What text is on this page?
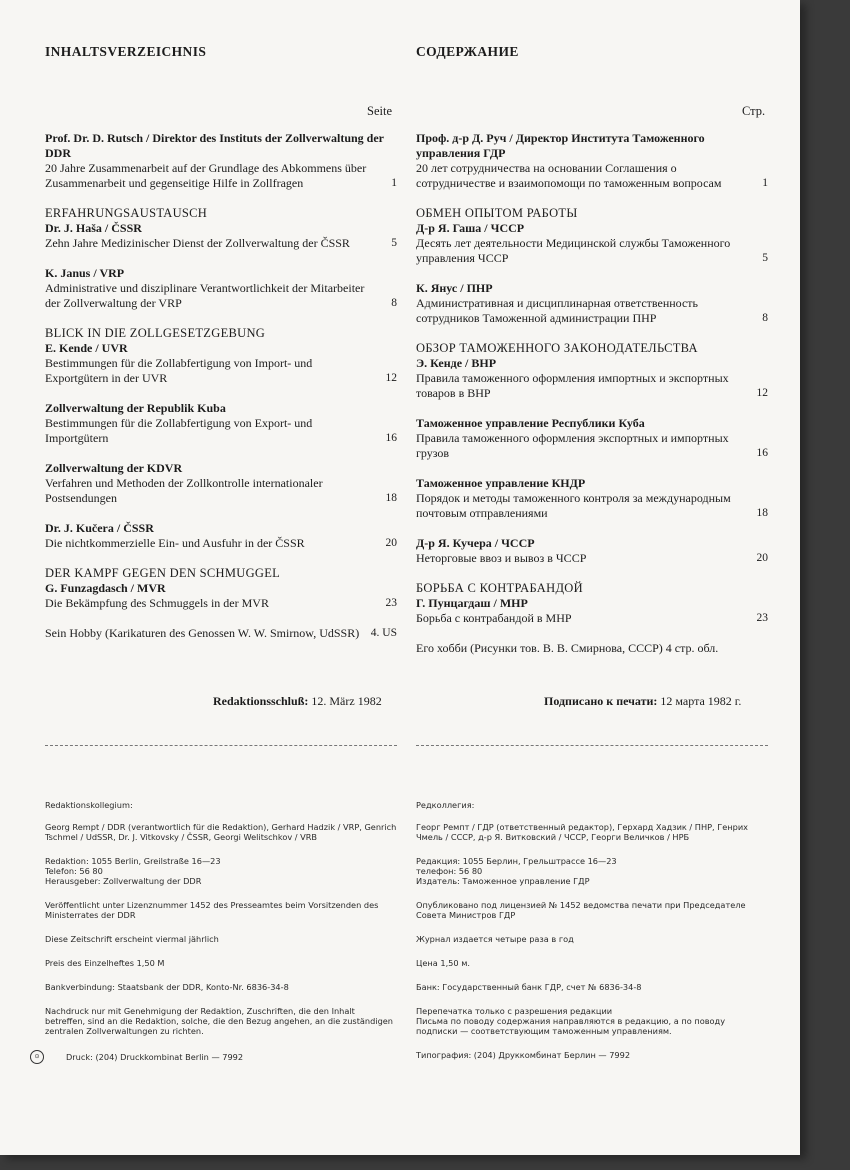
INHALTSVERZEICHNIS
Seite
Prof. Dr. D. Rutsch / Direktor des Instituts der Zollverwaltung der DDR
20 Jahre Zusammenarbeit auf der Grundlage des Abkommens über Zusammenarbeit und gegenseitige Hilfe in Zollfragen	1
ERFAHRUNGSAUSTAUSCH
Dr. J. Haša / ČSSR
Zehn Jahre Medizinischer Dienst der Zollverwaltung der ČSSR	5
K. Janus / VRP
Administrative und disziplinare Verantwortlichkeit der Mitarbeiter der Zollverwaltung der VRP	8
BLICK IN DIE ZOLLGESETZGEBUNG
E. Kende / UVR
Bestimmungen für die Zollabfertigung von Import- und Exportgütern in der UVR	12
Zollverwaltung der Republik Kuba
Bestimmungen für die Zollabfertigung von Export- und Importgütern	16
Zollverwaltung der KDVR
Verfahren und Methoden der Zollkontrolle internationaler Postsendungen	18
Dr. J. Kučera / ČSSR
Die nichtkommerzielle Ein- und Ausfuhr in der ČSSR	20
DER KAMPF GEGEN DEN SCHMUGGEL
G. Funzagdasch / MVR
Die Bekämpfung des Schmuggels in der MVR	23
Sein Hobby (Karikaturen des Genossen W. W. Smirnow, UdSSR)	4. US
Redaktionsschluß: 12. März 1982

Redaktionskollegium:

Georg Rempt / DDR (verantwortlich für die Redaktion), Gerhard Hadzik / VRP, Genrich Tschmel / UdSSR, Dr. J. Vitkovsky / ČSSR, Georgi Welitschkov / VRB

Redaktion: 1055 Berlin, Greilstraße 16—23
Telefon: 56 80
Herausgeber: Zollverwaltung der DDR

Veröffentlicht unter Lizenznummer 1452 des Presseamtes beim Vorsitzenden des Ministerrates der DDR

Diese Zeitschrift erscheint viermal jährlich

Preis des Einzelheftes 1,50 M

Bankverbindung: Staatsbank der DDR, Konto-Nr. 6836-34-8

Nachdruck nur mit Genehmigung der Redaktion, Zuschriften, die den Inhalt betreffen, sind an die Redaktion, solche, die den Bezug angehen, an die zuständigen zentralen Zollverwaltungen zu richten.

⊙	Druck: (204) Druckkombinat Berlin — 7992
СОДЕРЖАНИЕ
Стр.
Проф. д-р Д. Руч / Директор Института Таможенного управления ГДР
20 лет сотрудничества на основании Соглашения о сотрудничестве и взаимопомощи по таможенным вопросам	1
ОБМЕН ОПЫТОМ РАБОТЫ
Д-р Я. Гаша / ЧССР
Десять лет деятельности Медицинской службы Таможенного управления ЧССР	5
К. Янус / ПНР
Административная и дисциплинарная ответственность сотрудников Таможенной администрации ПНР	8
ОБЗОР ТАМОЖЕННОГО ЗАКОНОДАТЕЛЬСТВА
Э. Кенде / ВНР
Правила таможенного оформления импортных и экспортных товаров в ВНР	12
Таможенное управление Республики Куба
Правила таможенного оформления экспортных и импортных грузов	16
Таможенное управление КНДР
Порядок и методы таможенного контроля за международным почтовым отправлениями	18
Д-р Я. Кучера / ЧССР
Неторговые ввоз и вывоз в ЧССР	20
БОРЬБА С КОНТРАБАНДОЙ
Г. Пунцагдаш / МНР
Борьба с контрабандой в МНР	23
Его хобби (Рисунки тов. В. В. Смирнова, СССР) 4 стр. обл.
Подписано к печати: 12 марта 1982 г.

Редколлегия:

Георг Ремпт / ГДР (ответственный редактор), Герхард Хадзик / ПНР, Генрих Чмель / СССР, д-р Я. Витковский / ЧССР, Георги Величков / НРБ

Редакция: 1055 Берлин, Грельштрассе 16—23
телефон: 56 80
Издатель: Таможенное управление ГДР

Опубликовано под лицензией № 1452 ведомства печати при Председателе Совета Министров ГДР

Журнал издается четыре раза в год

Цена 1,50 м.

Банк: Государственный банк ГДР, счет № 6836-34-8

Перепечатка только с разрешения редакции
Письма по поводу содержания направляются в редакцию, а по поводу подписки — соответствующим таможенным управлениям.

Типография: (204) Друккомбинат Берлин — 7992
